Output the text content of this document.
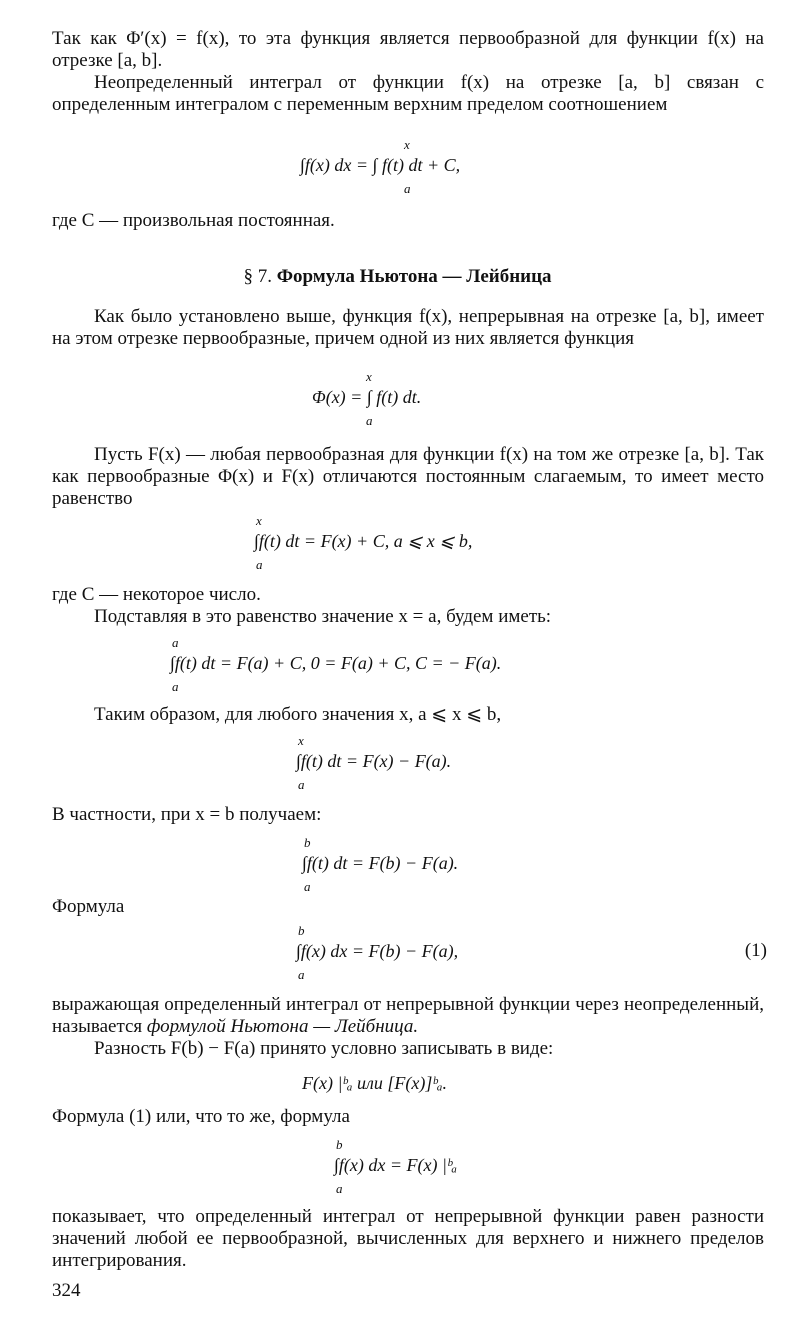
Так как Φ′(x) = f(x), то эта функция является первообразной для функции f(x) на отрезке [a, b].
Неопределенный интеграл от функции f(x) на отрезке [a, b] связан с определенным интегралом с переменным верхним пределом соотношением
∫f(x) dx = ∫ f(t) dt + C,
x
a
где C — произвольная постоянная.
§ 7. Формула Ньютона — Лейбница
Как было установлено выше, функция f(x), непрерывная на отрезке [a, b], имеет на этом отрезке первообразные, причем одной из них является функция
Φ(x) = ∫ f(t) dt.
x
a
Пусть F(x) — любая первообразная для функции f(x) на том же отрезке [a, b]. Так как первообразные Φ(x) и F(x) отличаются постоянным слагаемым, то имеет место равенство
∫f(t) dt = F(x) + C, a ⩽ x ⩽ b,
x
a
где C — некоторое число.
Подставляя в это равенство значение x = a, будем иметь:
∫f(t) dt = F(a) + C, 0 = F(a) + C, C = − F(a).
a
a
Таким образом, для любого значения x, a ⩽ x ⩽ b,
∫f(t) dt = F(x) − F(a).
x
a
В частности, при x = b получаем:
∫f(t) dt = F(b) − F(a).
b
a
Формула
∫f(x) dx = F(b) − F(a),
b
a
(1)
выражающая определенный интеграл от непрерывной функции через неопределенный, называется формулой Ньютона — Лейбница.
Разность F(b) − F(a) принято условно записывать в виде:
F(x) |ᵇₐ или [F(x)]ᵇₐ.
Формула (1) или, что то же, формула
∫f(x) dx = F(x) |ᵇₐ
b
a
показывает, что определенный интеграл от непрерывной функции равен разности значений любой ее первообразной, вычисленных для верхнего и нижнего пределов интегрирования.
324
